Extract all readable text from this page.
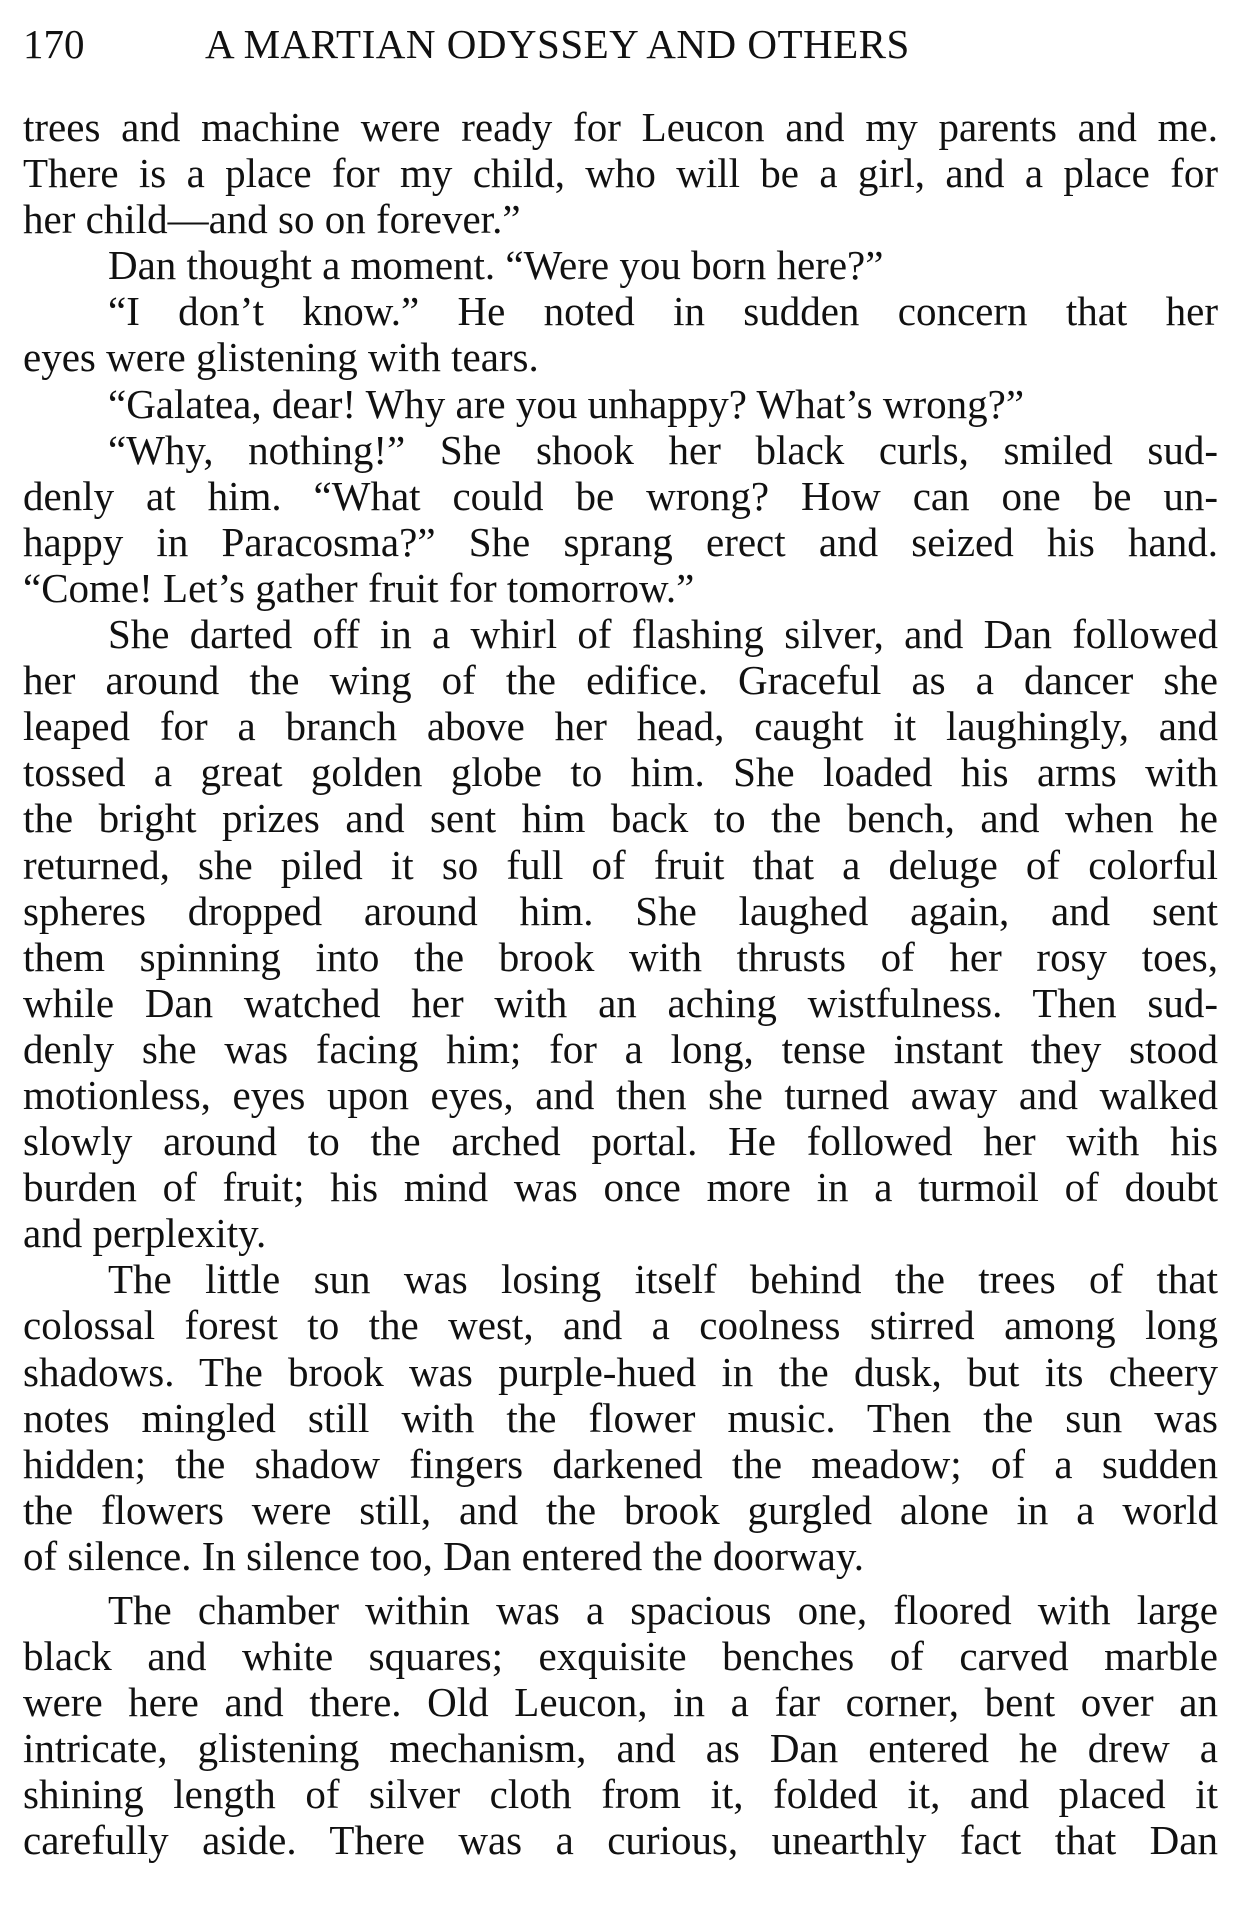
170	A MARTIAN ODYSSEY AND OTHERS
trees and machine were ready for Leucon and my parents and me.
There is a place for my child, who will be a girl, and a place for
her child—and so on forever.”
Dan thought a moment. “Were you born here?”
“I don’t know.” He noted in sudden concern that her
eyes were glistening with tears.
“Galatea, dear! Why are you unhappy? What’s wrong?”
“Why, nothing!” She shook her black curls, smiled sud-
denly at him. “What could be wrong? How can one be un-
happy in Paracosma?” She sprang erect and seized his hand.
“Come! Let’s gather fruit for tomorrow.”
She darted off in a whirl of flashing silver, and Dan followed
her around the wing of the edifice. Graceful as a dancer she
leaped for a branch above her head, caught it laughingly, and
tossed a great golden globe to him. She loaded his arms with
the bright prizes and sent him back to the bench, and when he
returned, she piled it so full of fruit that a deluge of colorful
spheres dropped around him. She laughed again, and sent
them spinning into the brook with thrusts of her rosy toes,
while Dan watched her with an aching wistfulness. Then sud-
denly she was facing him; for a long, tense instant they stood
motionless, eyes upon eyes, and then she turned away and walked
slowly around to the arched portal. He followed her with his
burden of fruit; his mind was once more in a turmoil of doubt
and perplexity.
The little sun was losing itself behind the trees of that
colossal forest to the west, and a coolness stirred among long
shadows. The brook was purple-hued in the dusk, but its cheery
notes mingled still with the flower music. Then the sun was
hidden; the shadow fingers darkened the meadow; of a sudden
the flowers were still, and the brook gurgled alone in a world
of silence. In silence too, Dan entered the doorway.
The chamber within was a spacious one, floored with large
black and white squares; exquisite benches of carved marble
were here and there. Old Leucon, in a far corner, bent over an
intricate, glistening mechanism, and as Dan entered he drew a
shining length of silver cloth from it, folded it, and placed it
carefully aside. There was a curious, unearthly fact that Dan
